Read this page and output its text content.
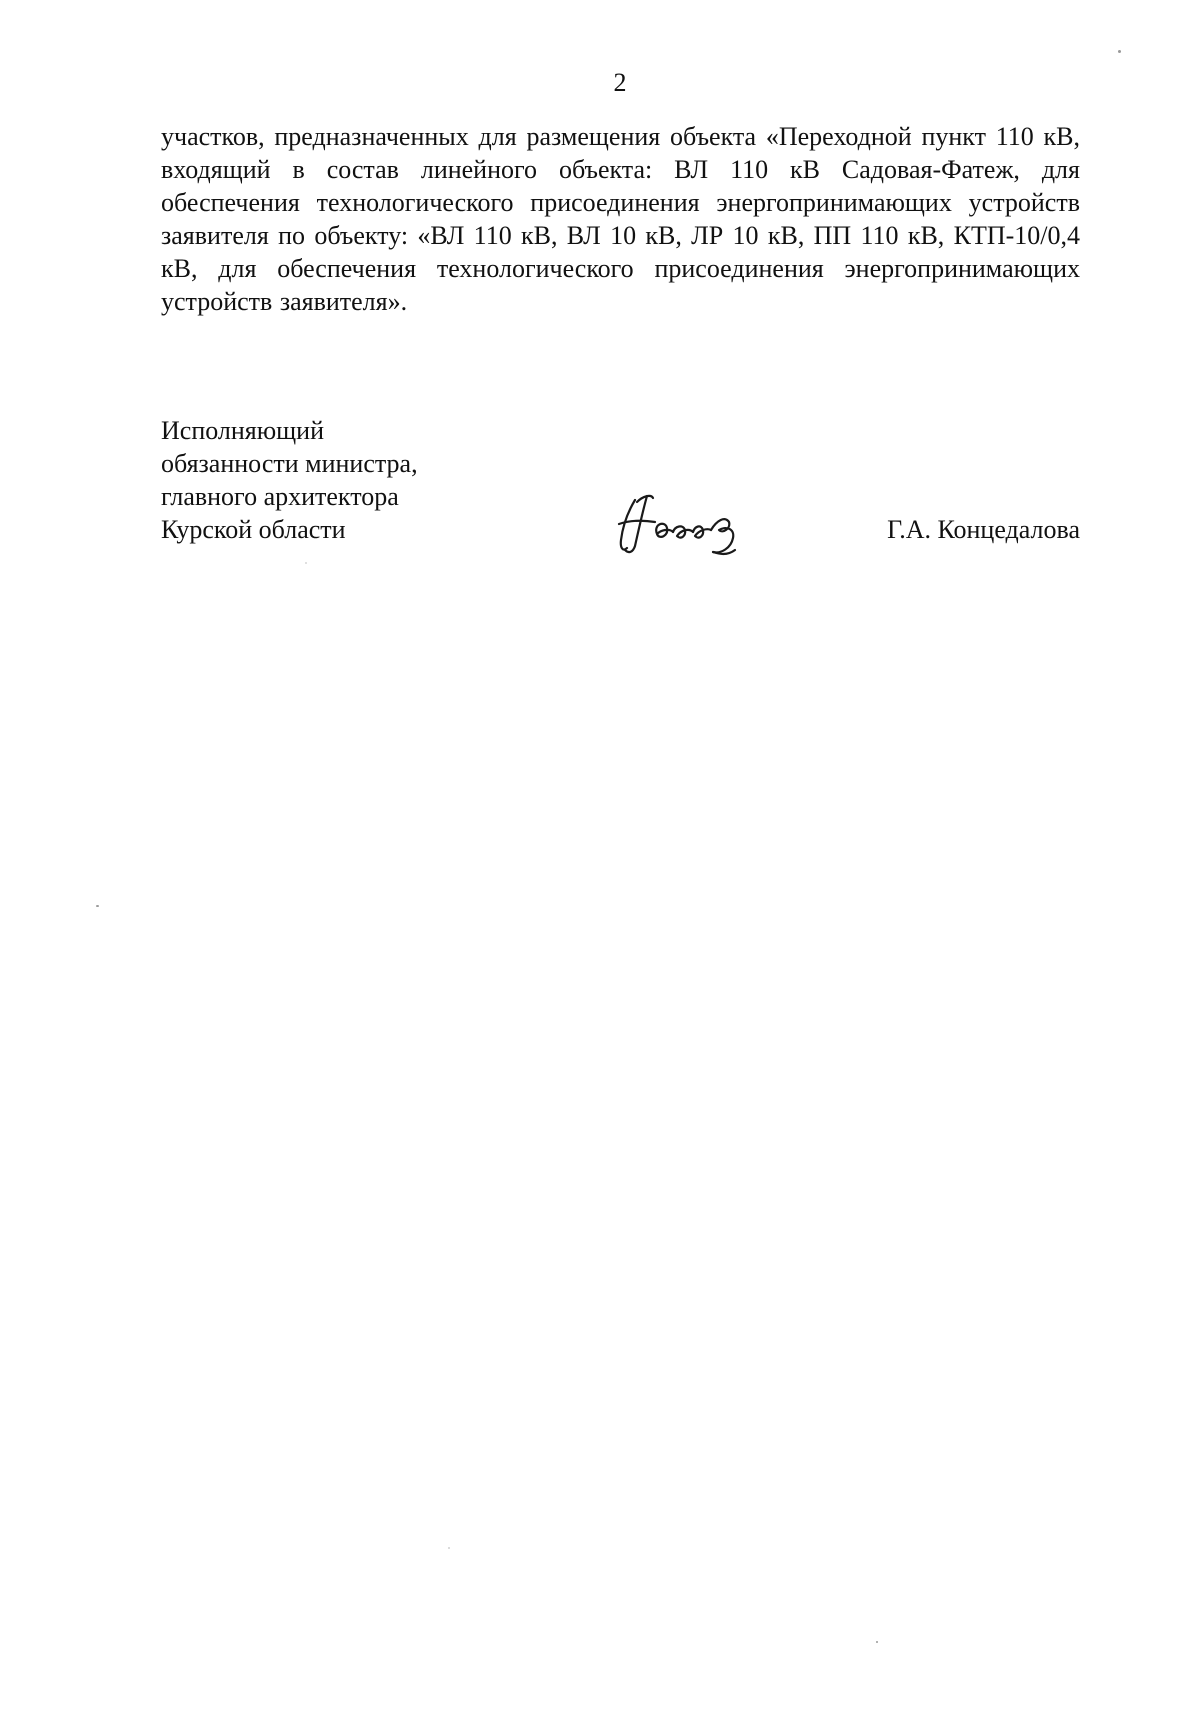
2

участков, предназначенных для размещения объекта «Переходной пункт 110 кВ, входящий в состав линейного объекта: ВЛ 110 кВ Садовая-Фатеж, для обеспечения технологического присоединения энергопринимающих устройств заявителя по объекту: «ВЛ 110 кВ, ВЛ 10 кВ, ЛР 10 кВ, ПП 110 кВ, КТП-10/0,4 кВ, для обеспечения технологического присоединения энергопринимающих устройств заявителя».

Исполняющий
обязанности министра,
главного архитектора
Курской области	Г.А. Концедалова
